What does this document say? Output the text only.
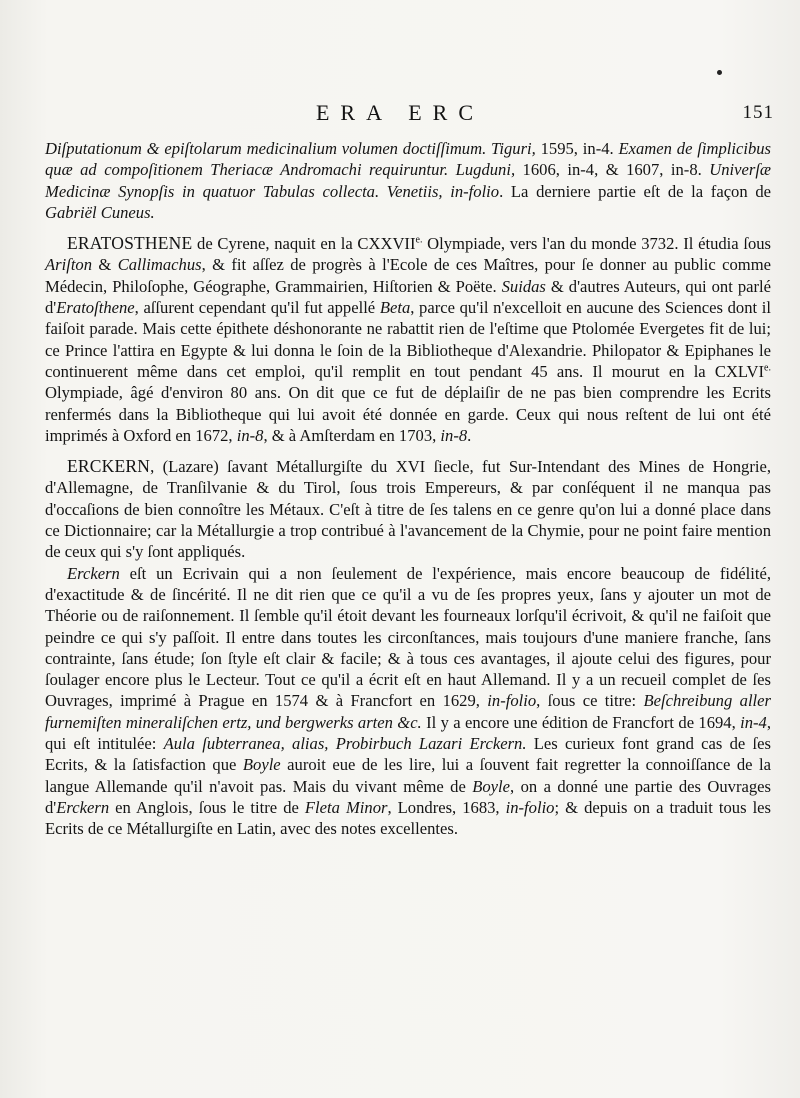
ERA ERC	151

Diſputationum & epiſtolarum medicinalium volumen doctiſſimum. Tiguri, 1595, in-4. Examen de ſimplicibus quæ ad compoſitionem Theriacæ Andromachi requiruntur. Lugduni, 1606, in-4, & 1607, in-8. Univerſæ Medicinæ Synopſis in quatuor Tabulas collecta. Venetiis, in-folio. La derniere partie eſt de la façon de Gabriël Cuneus.

ERATOSTHENE de Cyrene, naquit en la $CXXVII^{e.}$ Olympiade, vers l'an du monde 3732. Il étudia ſous Ariſton & Callimachus, & fit aſſez de progrès à l'Ecole de ces Maîtres, pour ſe donner au public comme Médecin, Philoſophe, Géographe, Grammairien, Hiſtorien & Poëte. Suidas & d'autres Auteurs, qui ont parlé d'Eratoſthene, aſſurent cependant qu'il fut appellé Beta, parce qu'il n'excelloit en aucune des Sciences dont il faiſoit parade. Mais cette épithete déshonorante ne rabattit rien de l'eſtime que Ptolomée Evergetes fit de lui; ce Prince l'attira en Egypte & lui donna le ſoin de la Bibliotheque d'Alexandrie. Philopator & Epiphanes le continuerent même dans cet emploi, qu'il remplit en tout pendant 45 ans. Il mourut en la $CXLVI^{e.}$ Olympiade, âgé d'environ 80 ans. On dit que ce fut de déplaiſir de ne pas bien comprendre les Ecrits renfermés dans la Bibliotheque qui lui avoit été donnée en garde. Ceux qui nous reſtent de lui ont été imprimés à Oxford en 1672, in-8, & à Amſterdam en 1703, in-8.

ERCKERN, (Lazare) ſavant Métallurgiſte du XVI ſiecle, fut Sur-Intendant des Mines de Hongrie, d'Allemagne, de Tranſilvanie & du Tirol, ſous trois Empereurs, & par conſéquent il ne manqua pas d'occaſions de bien connoître les Métaux. C'eſt à titre de ſes talens en ce genre qu'on lui a donné place dans ce Dictionnaire; car la Métallurgie a trop contribué à l'avancement de la Chymie, pour ne point faire mention de ceux qui s'y ſont appliqués.

Erckern eſt un Ecrivain qui a non ſeulement de l'expérience, mais encore beaucoup de fidélité, d'exactitude & de ſincérité. Il ne dit rien que ce qu'il a vu de ſes propres yeux, ſans y ajouter un mot de Théorie ou de raiſonnement. Il ſemble qu'il étoit devant les fourneaux lorſqu'il écrivoit, & qu'il ne faiſoit que peindre ce qui s'y paſſoit. Il entre dans toutes les circonſtances, mais toujours d'une maniere franche, ſans contrainte, ſans étude; ſon ſtyle eſt clair & facile; & à tous ces avantages, il ajoute celui des figures, pour ſoulager encore plus le Lecteur. Tout ce qu'il a écrit eſt en haut Allemand. Il y a un recueil complet de ſes Ouvrages, imprimé à Prague en 1574 & à Francfort en 1629, in-folio, ſous ce titre: Beſchreibung aller furnemiſten mineraliſchen ertz, und bergwerks arten &c. Il y a encore une édition de Francfort de 1694, in-4, qui eſt intitulée: Aula ſubterranea, alias, Probirbuch Lazari Erckern. Les curieux font grand cas de ſes Ecrits, & la ſatisfaction que Boyle auroit eue de les lire, lui a ſouvent fait regretter la connoiſſance de la langue Allemande qu'il n'avoit pas. Mais du vivant même de Boyle, on a donné une partie des Ouvrages d'Erckern en Anglois, ſous le titre de Fleta Minor, Londres, 1683, in-folio; & depuis on a traduit tous les Ecrits de ce Métallurgiſte en Latin, avec des notes excellentes.
